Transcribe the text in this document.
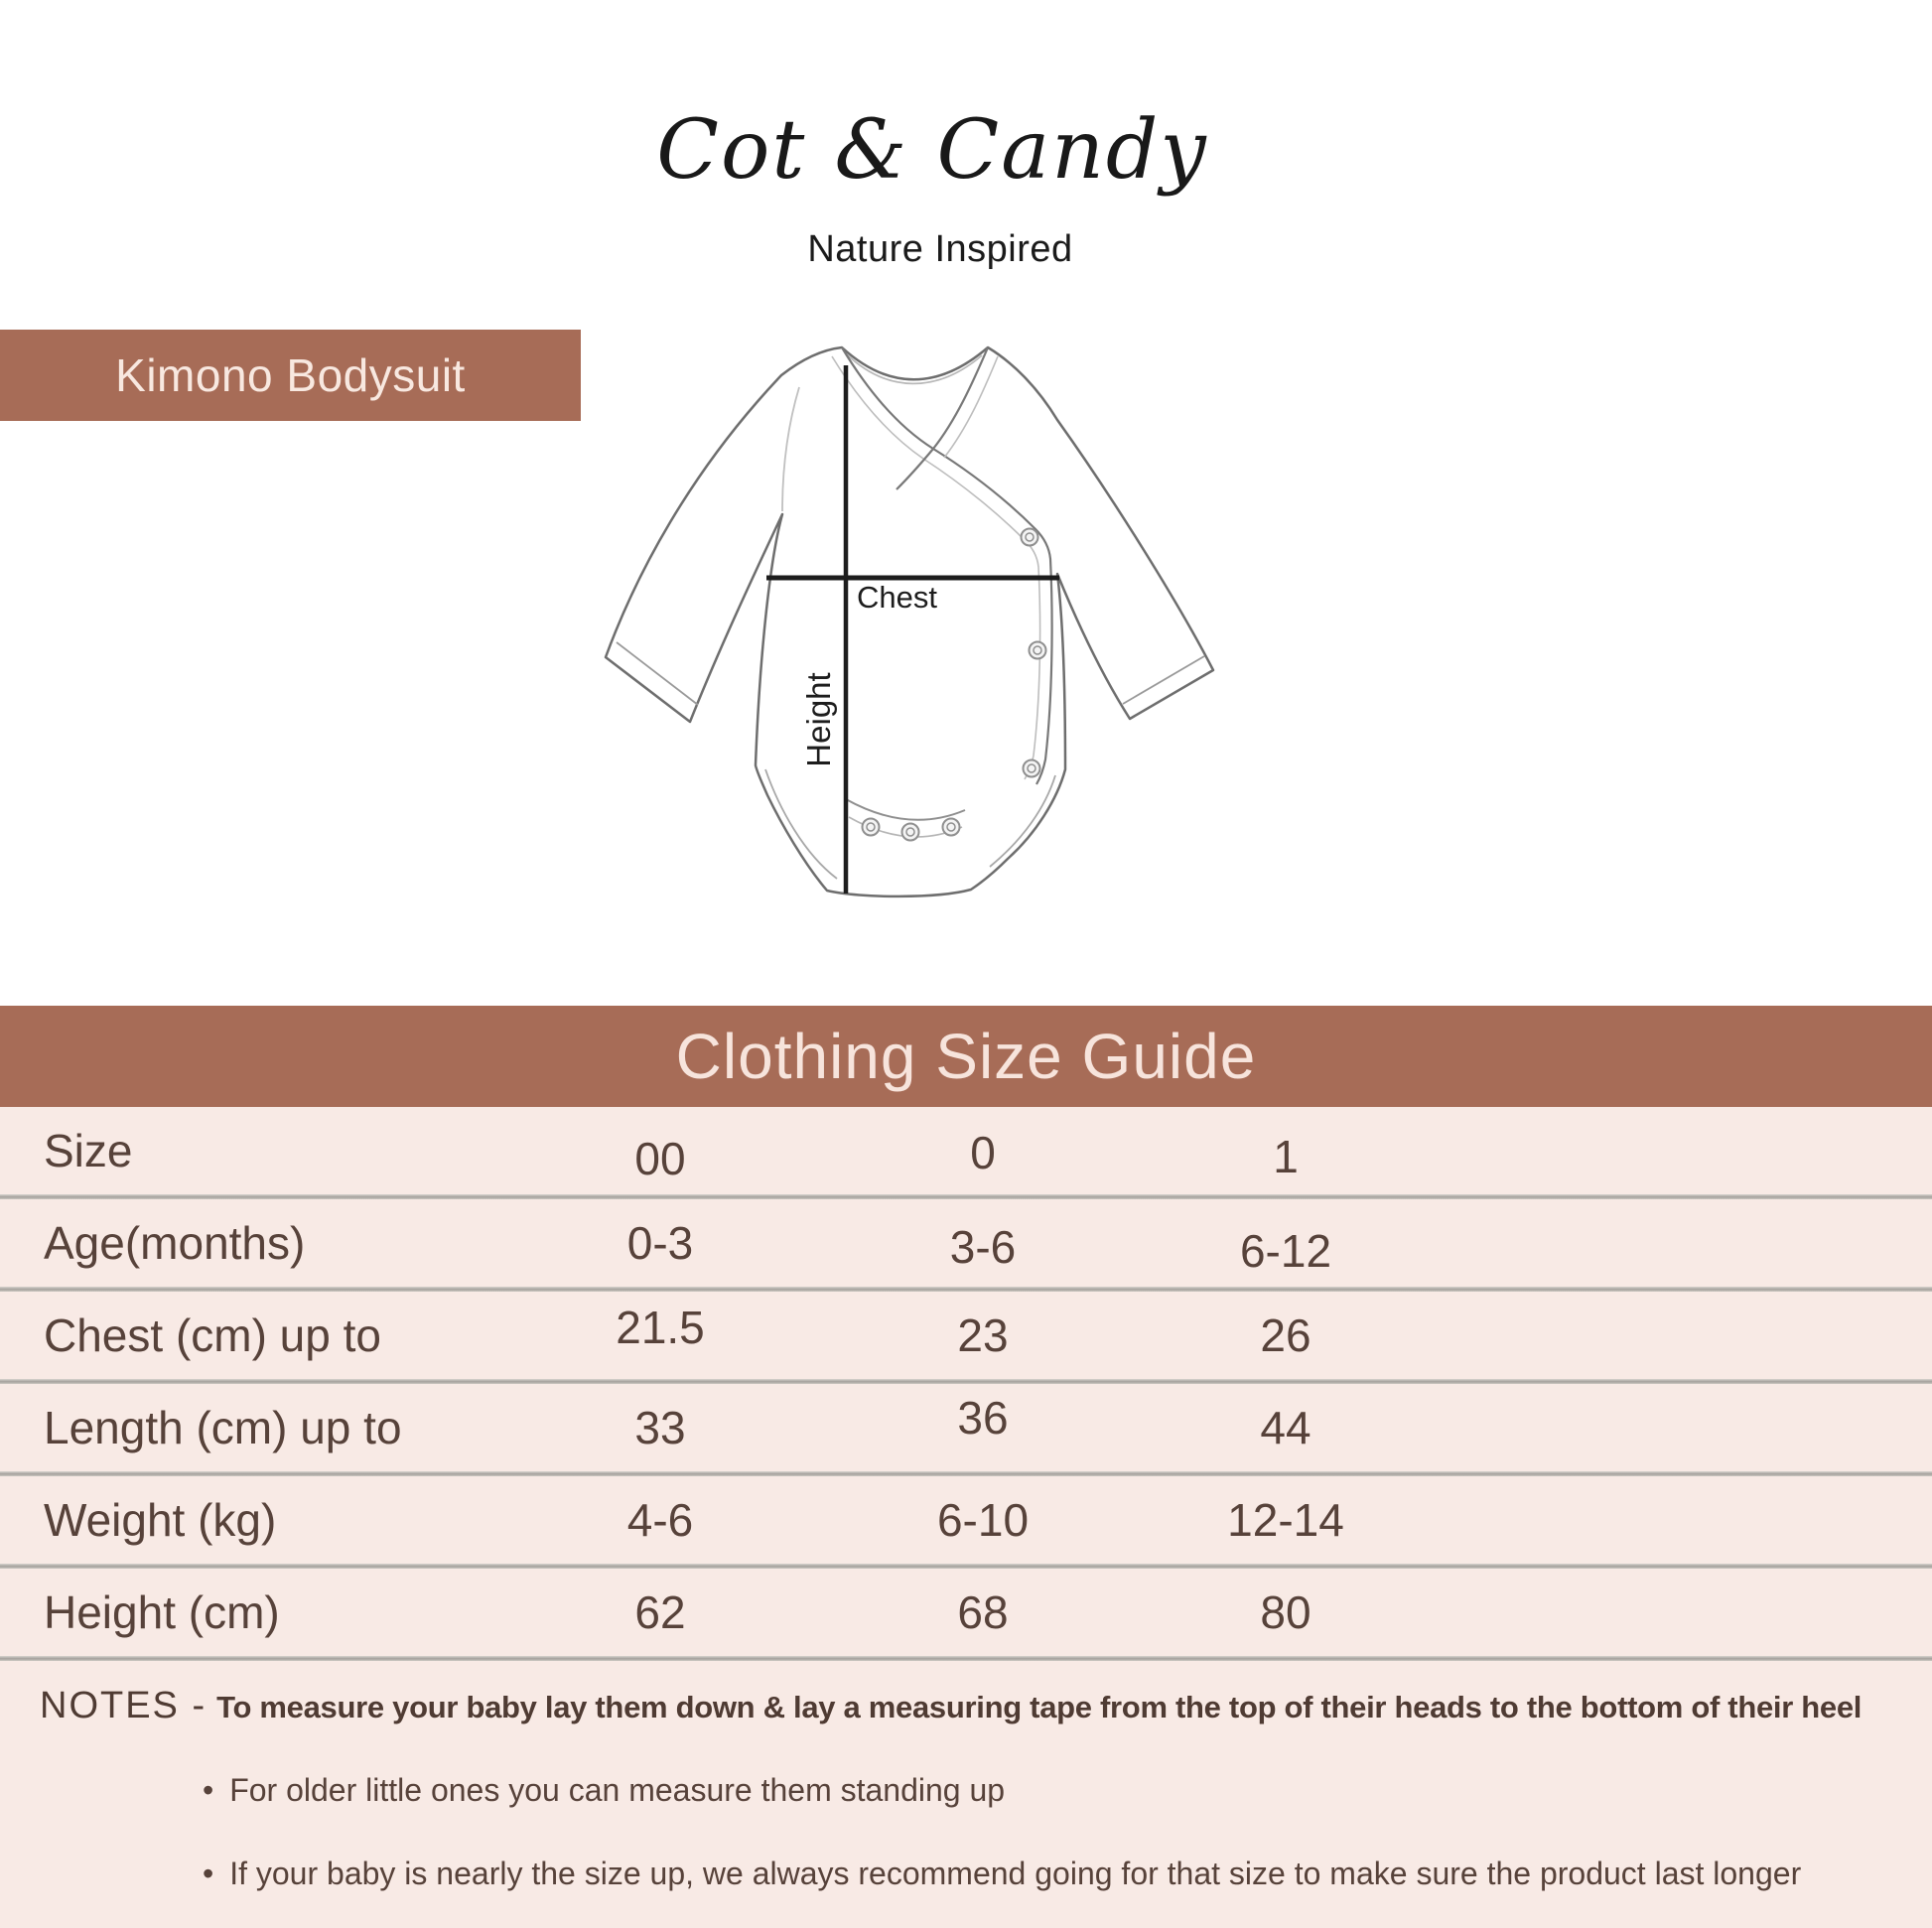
Cot & Candy
Nature Inspired
Kimono Bodysuit
Chest
Height
Clothing Size Guide
Size	00	0	1
Age(months)	0-3	3-6	6-12
Chest (cm) up to	21.5	23	26
Length (cm) up to	33	36	44
Weight (kg)	4-6	6-10	12-14
Height (cm)	62	68	80
NOTES - To measure your baby lay them down & lay a measuring tape from the top of their heads to the bottom of their heel
• For older little ones you can measure them standing up
• If your baby is nearly the size up, we always recommend going for that size to make sure the product last longer
